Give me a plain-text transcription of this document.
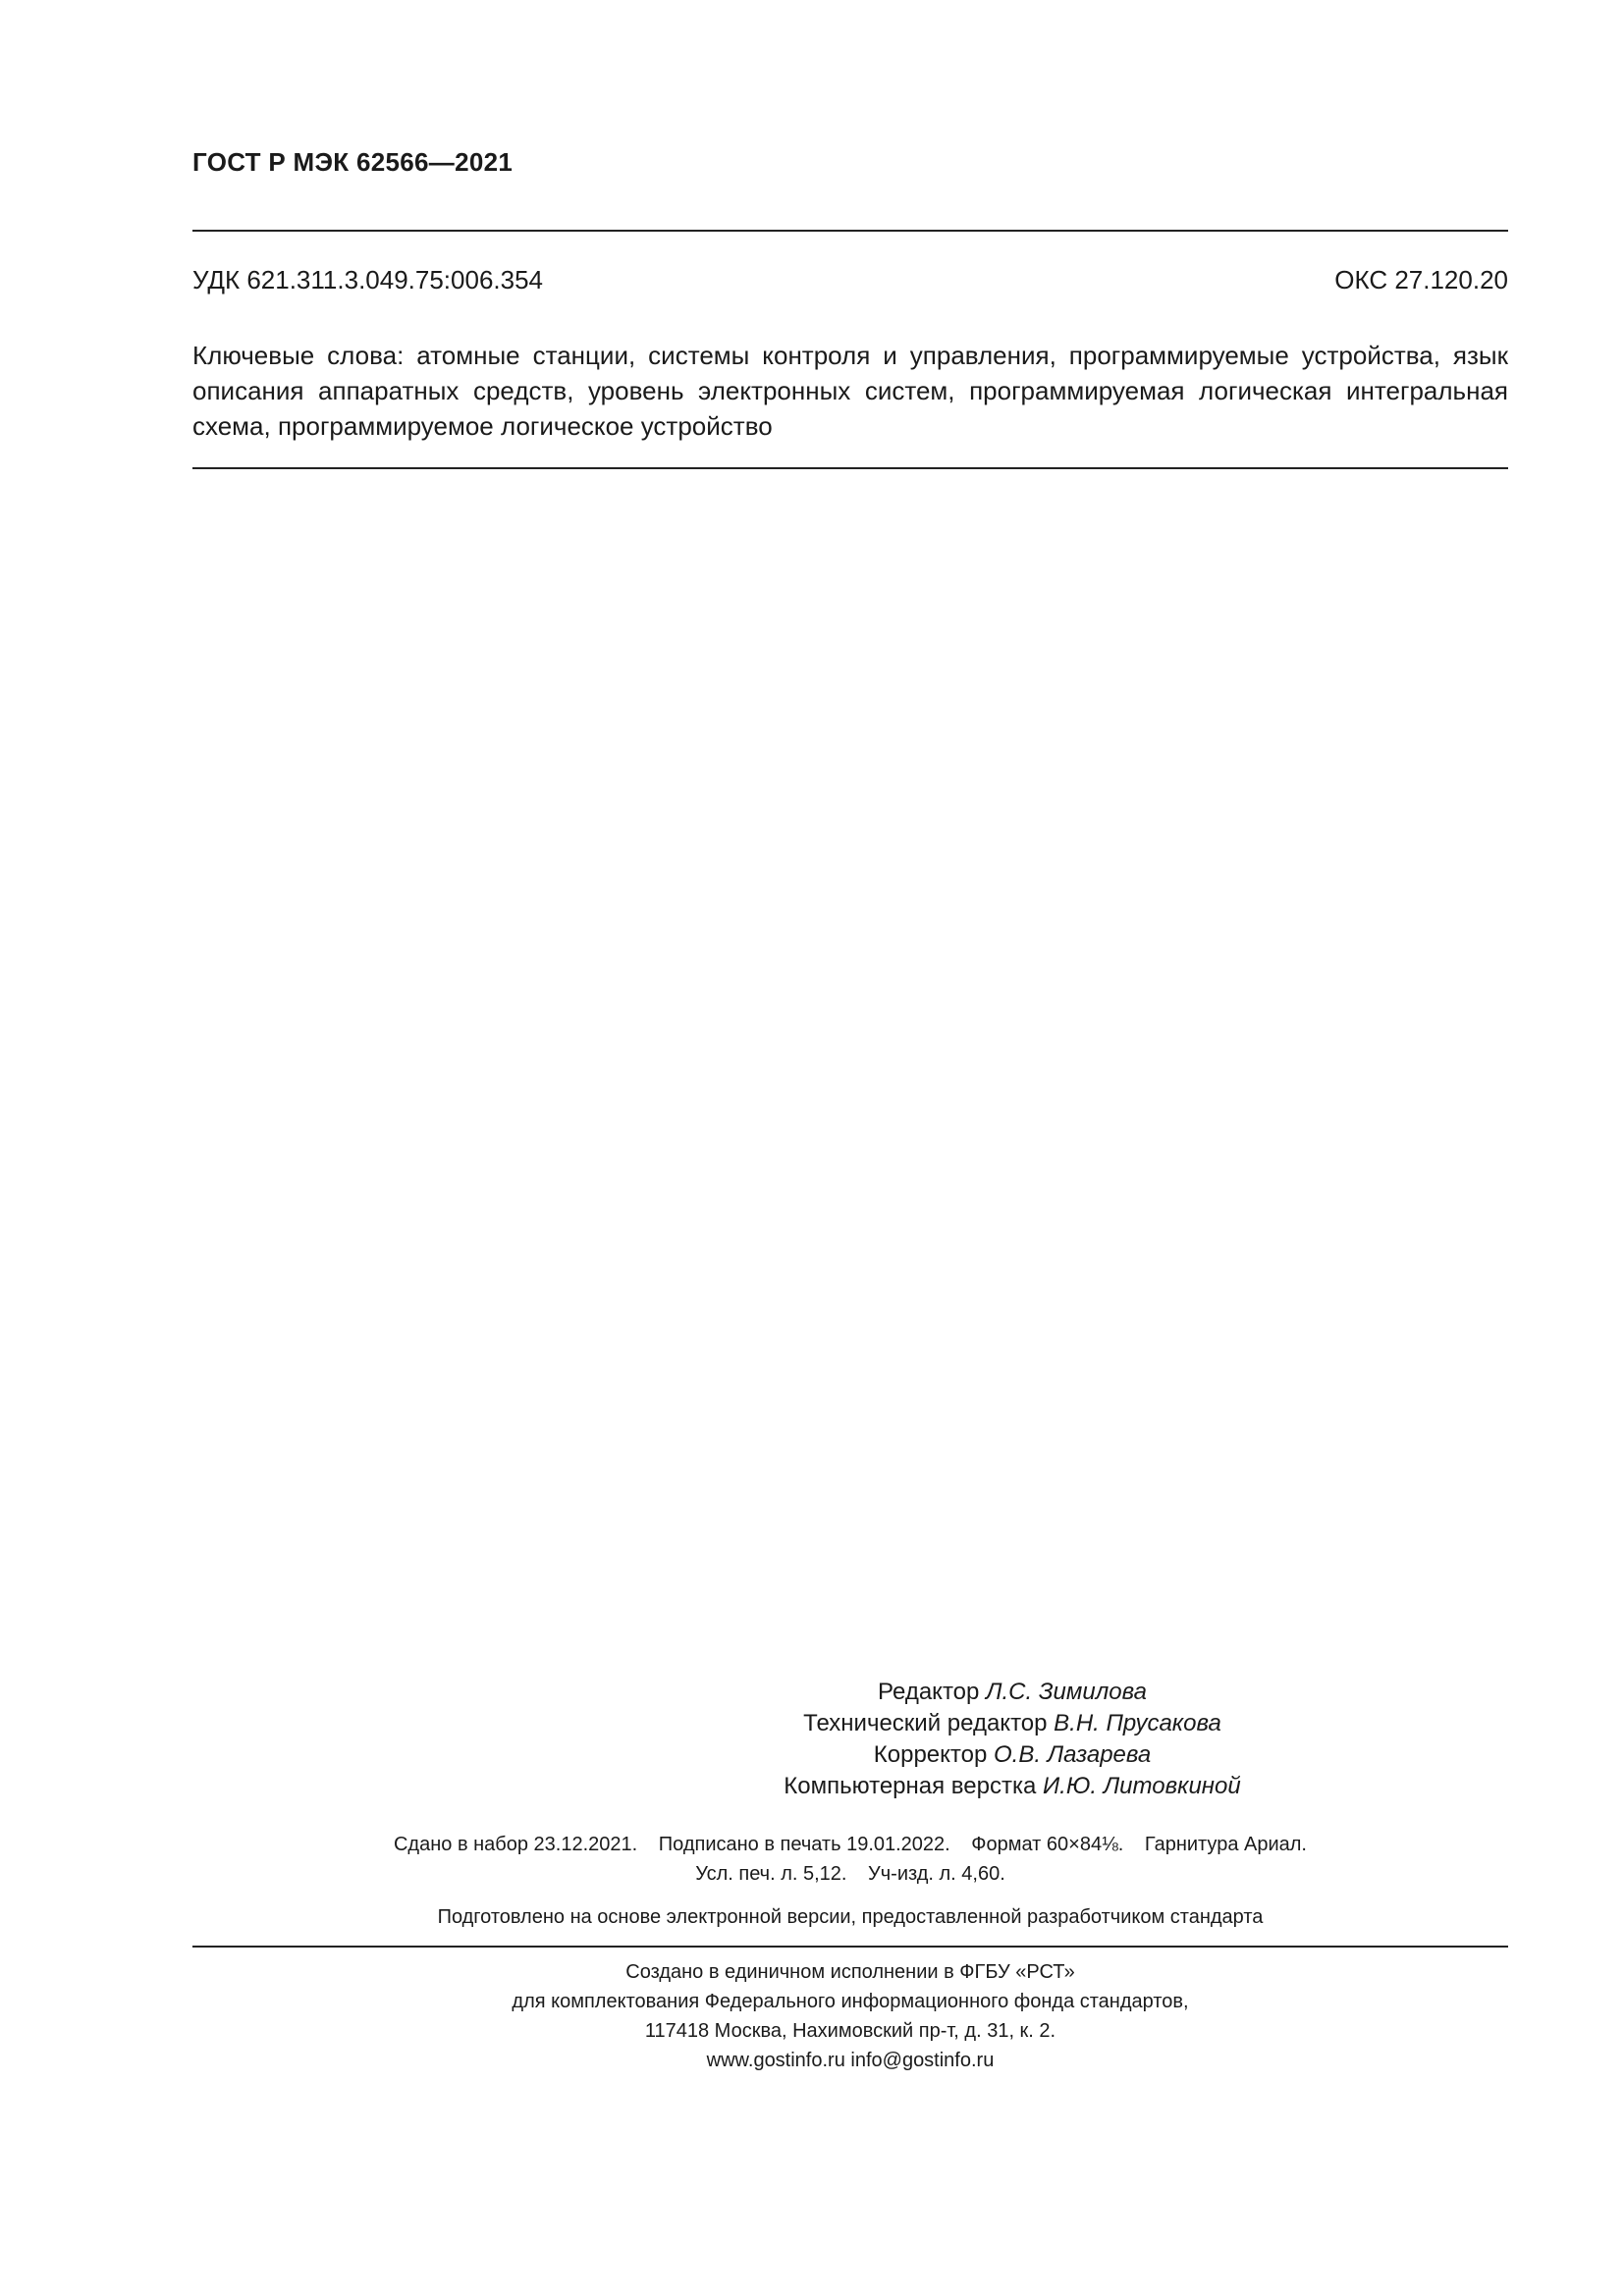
ГОСТ Р МЭК 62566—2021
УДК 621.311.3.049.75:006.354	ОКС 27.120.20
Ключевые слова: атомные станции, системы контроля и управления, программируемые устройства, язык описания аппаратных средств, уровень электронных систем, программируемая логическая интегральная схема, программируемое логическое устройство
Редактор Л.С. Зимилова
Технический редактор В.Н. Прусакова
Корректор О.В. Лазарева
Компьютерная верстка И.Ю. Литовкиной
Сдано в набор 23.12.2021. Подписано в печать 19.01.2022. Формат 60×84⅛. Гарнитура Ариал.
Усл. печ. л. 5,12. Уч-изд. л. 4,60.
Подготовлено на основе электронной версии, предоставленной разработчиком стандарта
Создано в единичном исполнении в ФГБУ «РСТ»
для комплектования Федерального информационного фонда стандартов,
117418 Москва, Нахимовский пр-т, д. 31, к. 2.
www.gostinfo.ru info@gostinfo.ru
